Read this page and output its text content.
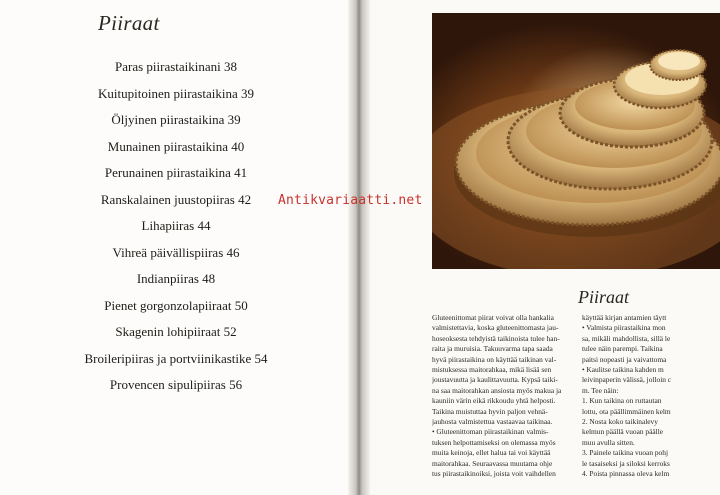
Piiraat
Paras piirastaikinani 38
Kuitupitoinen piirastaikina 39
Öljyinen piirastaikina 39
Munainen piirastaikina 40
Perunainen piirastaikina 41
Ranskalainen juustopiiras 42
Lihapiiras 44
Vihreä päivällispiiras 46
Indianpiiras 48
Pienet gorgonzolapiiraat 50
Skagenin lohipiiraat 52
Broileripiiras ja portviinikastike 54
Provencen sipulipiiras 56
Antikvariaatti.net
Piiraat
Gluteenittomat piirat voivat olla hankalia
valmistettavia, koska gluteenittomasta jau-
hoseoksesta tehdyistä taikinoista tulee han-
raita ja muruisia. Takuuvarma tapa saada
hyvä piirastaikina on käyttää taikinan val-
mistuksessa maitorahkaa, mikä lisää sen
joustavuutta ja kaulittavuutta. Kypsä taiki-
na saa maitorahkan ansiosta myös makua ja
kauniin värin eikä rikkoudu yhtä helposti.
Taikina muistuttaa hyvin paljon vehnä-
jauhosta valmistettua vastaavaa taikinaa.
• Gluteenittoman piirastaikinan valmis-
tuksen helpottamiseksi on olemassa myös
muita keinoja, ellet halua tai voi käyttää
maitorahkaa. Seuraavassa muutama ohje
tus piirastaikinoiksi, joista voit vaihdellen
käyttää kirjan antamien täytt
• Valmista piirastaikina mon
sa, mikäli mahdollista, sillä le
tulee näin parempi. Taikina
paitsi nopeasti ja vaivattoma
• Kaulitse taikina kahden m
leivinpaperin välissä, jolloin c
m. Tee näin:
1. Kun taikina on ruttautan
lottu, ota päällimmäinen kelm
2. Nosta koko taikinalevy
kelmun päällä vuoan päälle
muu avulla sitten.
3. Painele taikina vuoan pohj
le tasaiseksi ja siloksi kerroks
4. Poista pinnassa oleva kelm
